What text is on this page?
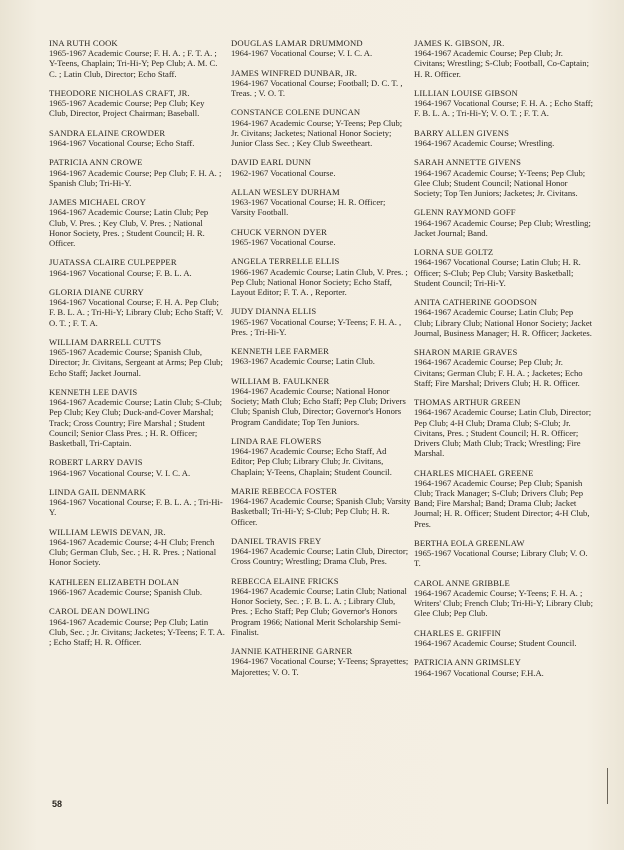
INA RUTH COOK
1965-1967 Academic Course; F. H. A. ; F. T. A. ; Y-Teens, Chaplain; Tri-Hi-Y; Pep Club; A. M. C. C. ; Latin Club, Director; Echo Staff.
THEODORE NICHOLAS CRAFT, JR.
1965-1967 Academic Course; Pep Club; Key Club, Director, Project Chairman; Baseball.
SANDRA ELAINE CROWDER
1964-1967 Vocational Course; Echo Staff.
PATRICIA ANN CROWE
1964-1967 Academic Course; Pep Club; F. H. A. ; Spanish Club; Tri-Hi-Y.
JAMES MICHAEL CROY
1964-1967 Academic Course; Latin Club; Pep Club, V. Pres. ; Key Club, V. Pres. ; National Honor Society, Pres. ; Student Council; H. R. Officer.
JUATASSA CLAIRE CULPEPPER
1964-1967 Vocational Course; F. B. L. A.
GLORIA DIANE CURRY
1964-1967 Vocational Course; F. H. A. Pep Club; F. B. L. A. ; Tri-Hi-Y; Library Club; Echo Staff; V. O. T. ; F. T. A.
WILLIAM DARRELL CUTTS
1965-1967 Academic Course; Spanish Club, Director; Jr. Civitans, Sergeant at Arms; Pep Club; Echo Staff; Jacket Journal.
KENNETH LEE DAVIS
1964-1967 Academic Course; Latin Club; S-Club; Pep Club; Key Club; Duck-and-Cover Marshal; Track; Cross Country; Fire Marshal ; Student Council; Senior Class Pres. ; H. R. Officer; Basketball, Tri-Captain.
ROBERT LARRY DAVIS
1964-1967 Vocational Course; V. I. C. A.
LINDA GAIL DENMARK
1964-1967 Vocational Course; F. B. L. A. ; Tri-Hi-Y.
WILLIAM LEWIS DEVAN, JR.
1964-1967 Academic Course; 4-H Club; French Club; German Club, Sec. ; H. R. Pres. ; National Honor Society.
KATHLEEN ELIZABETH DOLAN
1966-1967 Academic Course; Spanish Club.
CAROL DEAN DOWLING
1964-1967 Academic Course; Pep Club; Latin Club, Sec. ; Jr. Civitans; Jacketes; Y-Teens; F. T. A. ; Echo Staff; H. R. Officer.
DOUGLAS LAMAR DRUMMOND
1964-1967 Vocational Course; V. I. C. A.
JAMES WINFRED DUNBAR, JR.
1964-1967 Vocational Course; Football; D. C. T. , Treas. ; V. O. T.
CONSTANCE COLENE DUNCAN
1964-1967 Academic Course; Y-Teens; Pep Club; Jr. Civitans; Jacketes; National Honor Society; Junior Class Sec. ; Key Club Sweetheart.
DAVID EARL DUNN
1962-1967 Vocational Course.
ALLAN WESLEY DURHAM
1963-1967 Vocational Course; H. R. Officer; Varsity Football.
CHUCK VERNON DYER
1965-1967 Vocational Course.
ANGELA TERRELLE ELLIS
1966-1967 Academic Course; Latin Club, V. Pres. ; Pep Club; National Honor Society; Echo Staff, Layout Editor; F. T. A. , Reporter.
JUDY DIANNA ELLIS
1965-1967 Vocational Course; Y-Teens; F. H. A. , Pres. ; Tri-Hi-Y.
KENNETH LEE FARMER
1963-1967 Academic Course; Latin Club.
WILLIAM B. FAULKNER
1964-1967 Academic Course; National Honor Society; Math Club; Echo Staff; Pep Club; Drivers Club; Spanish Club, Director; Governor's Honors Program Candidate; Top Ten Juniors.
LINDA RAE FLOWERS
1964-1967 Academic Course; Echo Staff, Ad Editor; Pep Club; Library Club; Jr. Civitans, Chaplain; Y-Teens, Chaplain; Student Council.
MARIE REBECCA FOSTER
1964-1967 Academic Course; Spanish Club; Varsity Basketball; Tri-Hi-Y; S-Club; Pep Club; H. R. Officer.
DANIEL TRAVIS FREY
1964-1967 Academic Course; Latin Club, Director; Cross Country; Wrestling; Drama Club, Pres.
REBECCA ELAINE FRICKS
1964-1967 Academic Course; Latin Club; National Honor Society, Sec. ; F. B. L. A. ; Library Club, Pres. ; Echo Staff; Pep Club; Governor's Honors Program 1966; National Merit Scholarship Semi-Finalist.
JANNIE KATHERINE GARNER
1964-1967 Vocational Course; Y-Teens; Sprayettes; Majorettes; V. O. T.
JAMES K. GIBSON, JR.
1964-1967 Academic Course; Pep Club; Jr. Civitans; Wrestling; S-Club; Football, Co-Captain; H. R. Officer.
LILLIAN LOUISE GIBSON
1964-1967 Vocational Course; F. H. A. ; Echo Staff; F. B. L. A. ; Tri-Hi-Y; V. O. T. ; F. T. A.
BARRY ALLEN GIVENS
1964-1967 Academic Course; Wrestling.
SARAH ANNETTE GIVENS
1964-1967 Academic Course; Y-Teens; Pep Club; Glee Club; Student Council; National Honor Society; Top Ten Juniors; Jacketes; Jr. Civitans.
GLENN RAYMOND GOFF
1964-1967 Academic Course; Pep Club; Wrestling; Jacket Journal; Band.
LORNA SUE GOLTZ
1964-1967 Vocational Course; Latin Club; H. R. Officer; S-Club; Pep Club; Varsity Basketball; Student Council; Tri-Hi-Y.
ANITA CATHERINE GOODSON
1964-1967 Academic Course; Latin Club; Pep Club; Library Club; National Honor Society; Jacket Journal, Business Manager; H. R. Officer; Jacketes.
SHARON MARIE GRAVES
1964-1967 Academic Course; Pep Club; Jr. Civitans; German Club; F. H. A. ; Jacketes; Echo Staff; Fire Marshal; Drivers Club; H. R. Officer.
THOMAS ARTHUR GREEN
1964-1967 Academic Course; Latin Club, Director; Pep Club; 4-H Club; Drama Club; S-Club; Jr. Civitans, Pres. ; Student Council; H. R. Officer; Drivers Club; Math Club; Track; Wrestling; Fire Marshal.
CHARLES MICHAEL GREENE
1964-1967 Academic Course; Pep Club; Spanish Club; Track Manager; S-Club; Drivers Club; Pep Band; Fire Marshal; Band; Drama Club; Jacket Journal; H. R. Officer; Student Director; 4-H Club, Pres.
BERTHA EOLA GREENLAW
1965-1967 Vocational Course; Library Club; V. O. T.
CAROL ANNE GRIBBLE
1964-1967 Academic Course; Y-Teens; F. H. A. ; Writers' Club; French Club; Tri-Hi-Y; Library Club; Glee Club; Pep Club.
CHARLES E. GRIFFIN
1964-1967 Academic Course; Student Council.
PATRICIA ANN GRIMSLEY
1964-1967 Vocational Course; F.H.A.
58
